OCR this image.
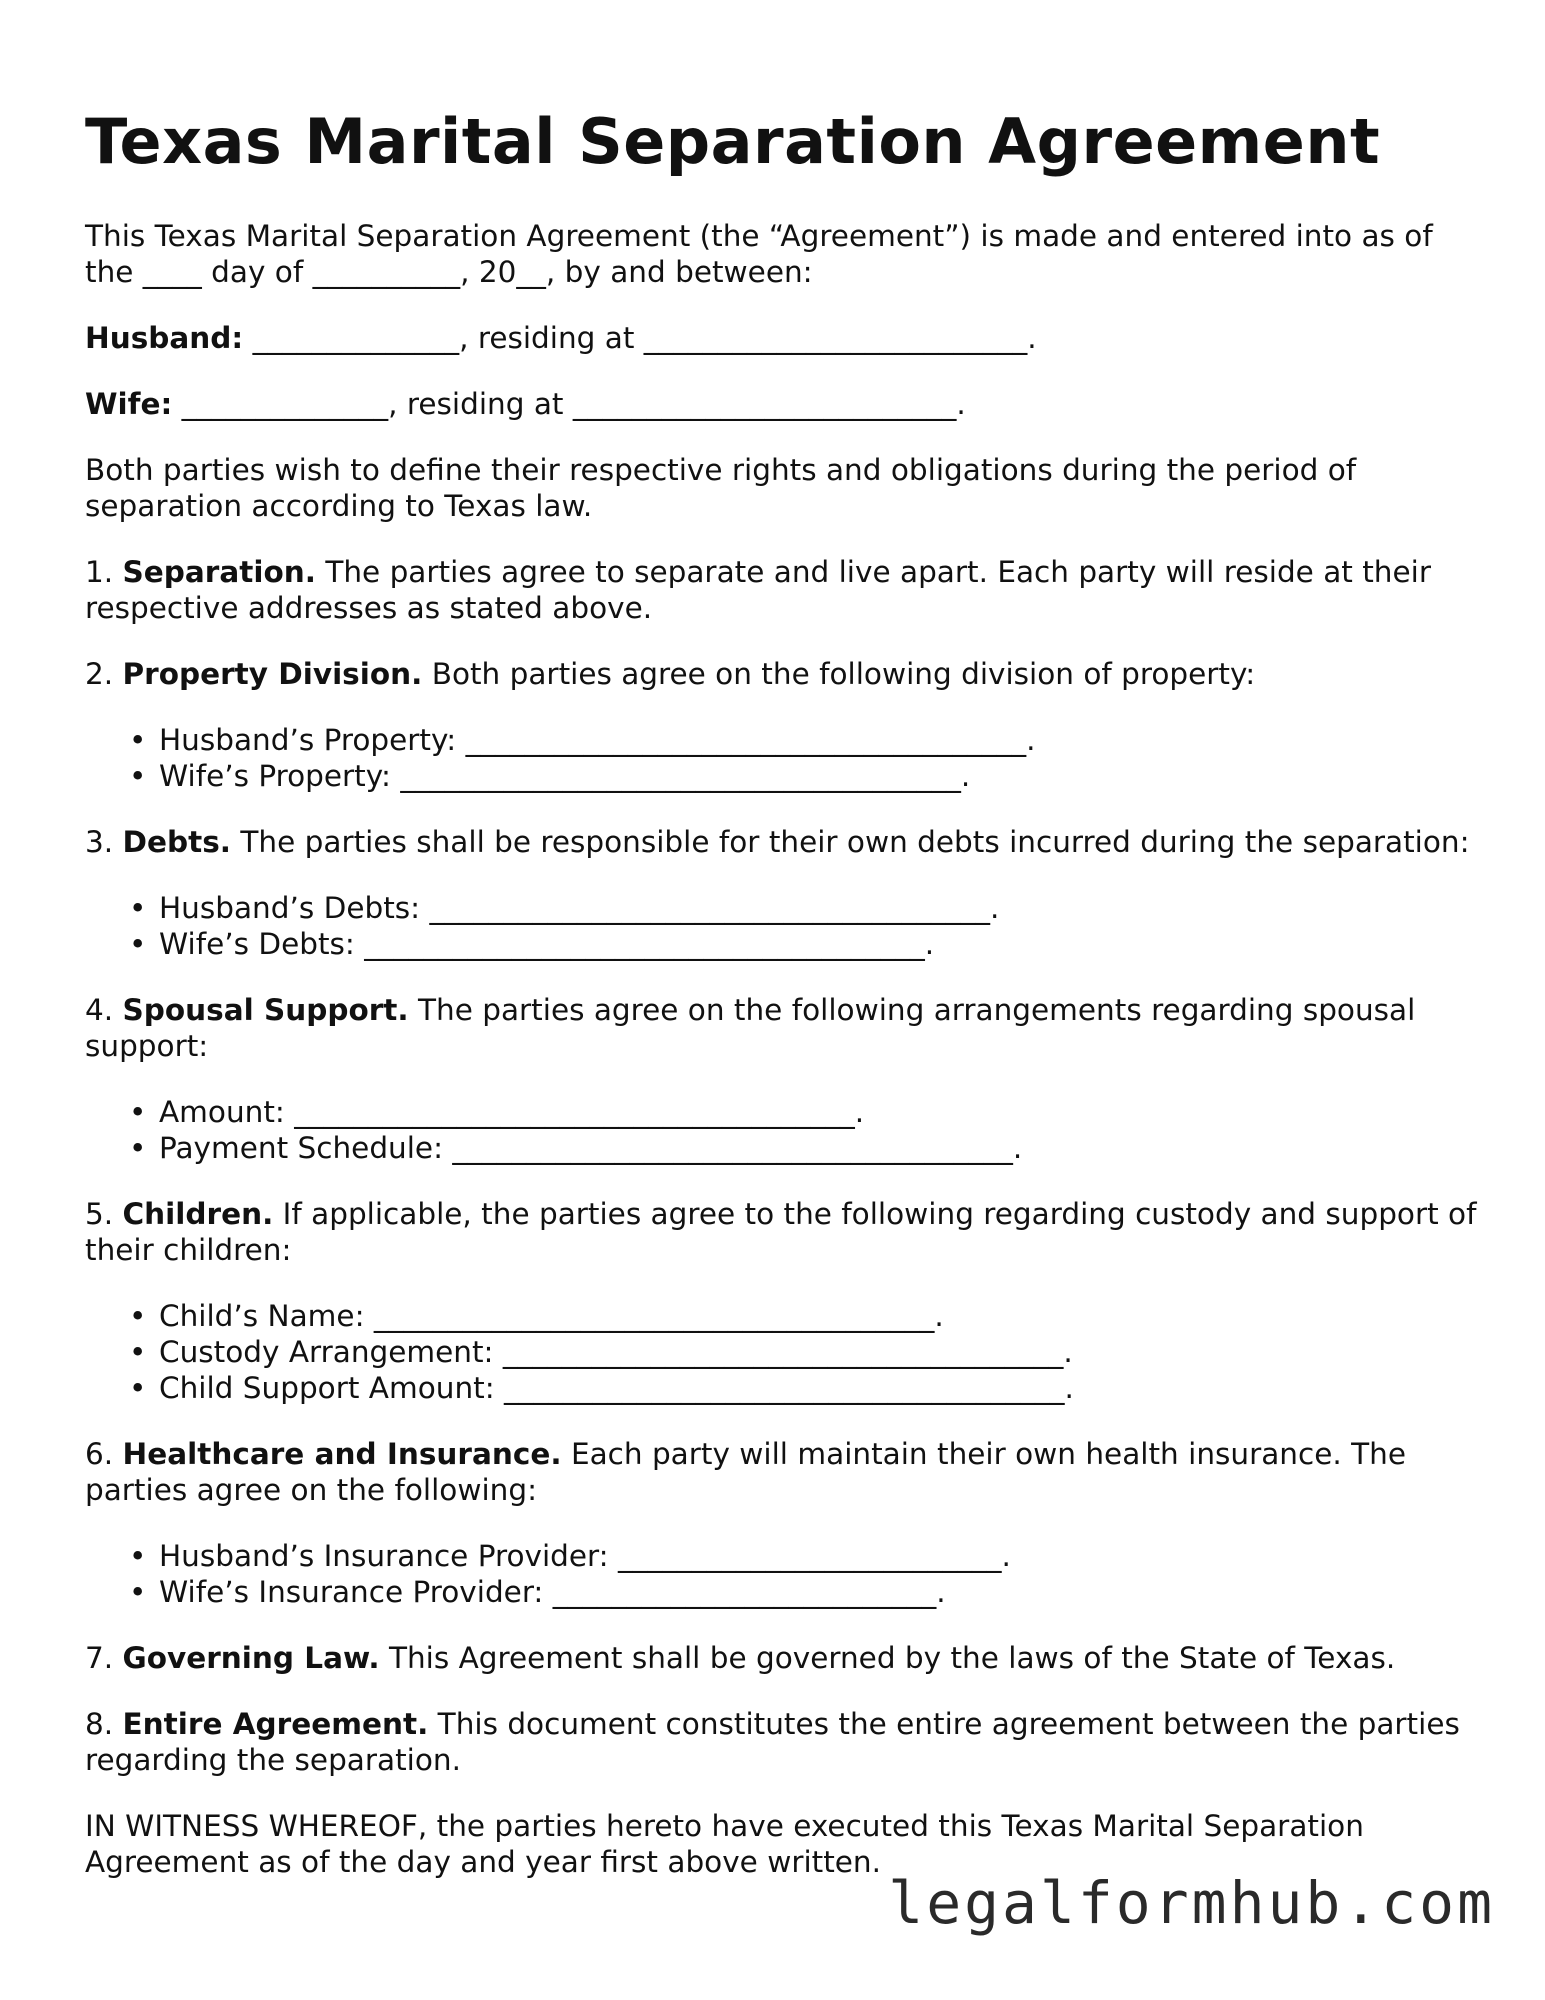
Texas Marital Separation Agreement

This Texas Marital Separation Agreement (the “Agreement”) is made and entered into as of the ____ day of __________, 20__, by and between:

Husband: ______________, residing at __________________________.

Wife: ______________, residing at __________________________.

Both parties wish to define their respective rights and obligations during the period of separation according to Texas law.

1. Separation. The parties agree to separate and live apart. Each party will reside at their respective addresses as stated above.

2. Property Division. Both parties agree on the following division of property:

• Husband’s Property: ______________________________________.
• Wife’s Property: ______________________________________.

3. Debts. The parties shall be responsible for their own debts incurred during the separation:

• Husband’s Debts: ______________________________________.
• Wife’s Debts: ______________________________________.

4. Spousal Support. The parties agree on the following arrangements regarding spousal support:

• Amount: ______________________________________.
• Payment Schedule: ______________________________________.

5. Children. If applicable, the parties agree to the following regarding custody and support of their children:

• Child’s Name: ______________________________________.
• Custody Arrangement: ______________________________________.
• Child Support Amount: ______________________________________.

6. Healthcare and Insurance. Each party will maintain their own health insurance. The parties agree on the following:

• Husband’s Insurance Provider: __________________________.
• Wife’s Insurance Provider: __________________________.

7. Governing Law. This Agreement shall be governed by the laws of the State of Texas.

8. Entire Agreement. This document constitutes the entire agreement between the parties regarding the separation.

IN WITNESS WHEREOF, the parties hereto have executed this Texas Marital Separation Agreement as of the day and year first above written.

legalformhub.com
